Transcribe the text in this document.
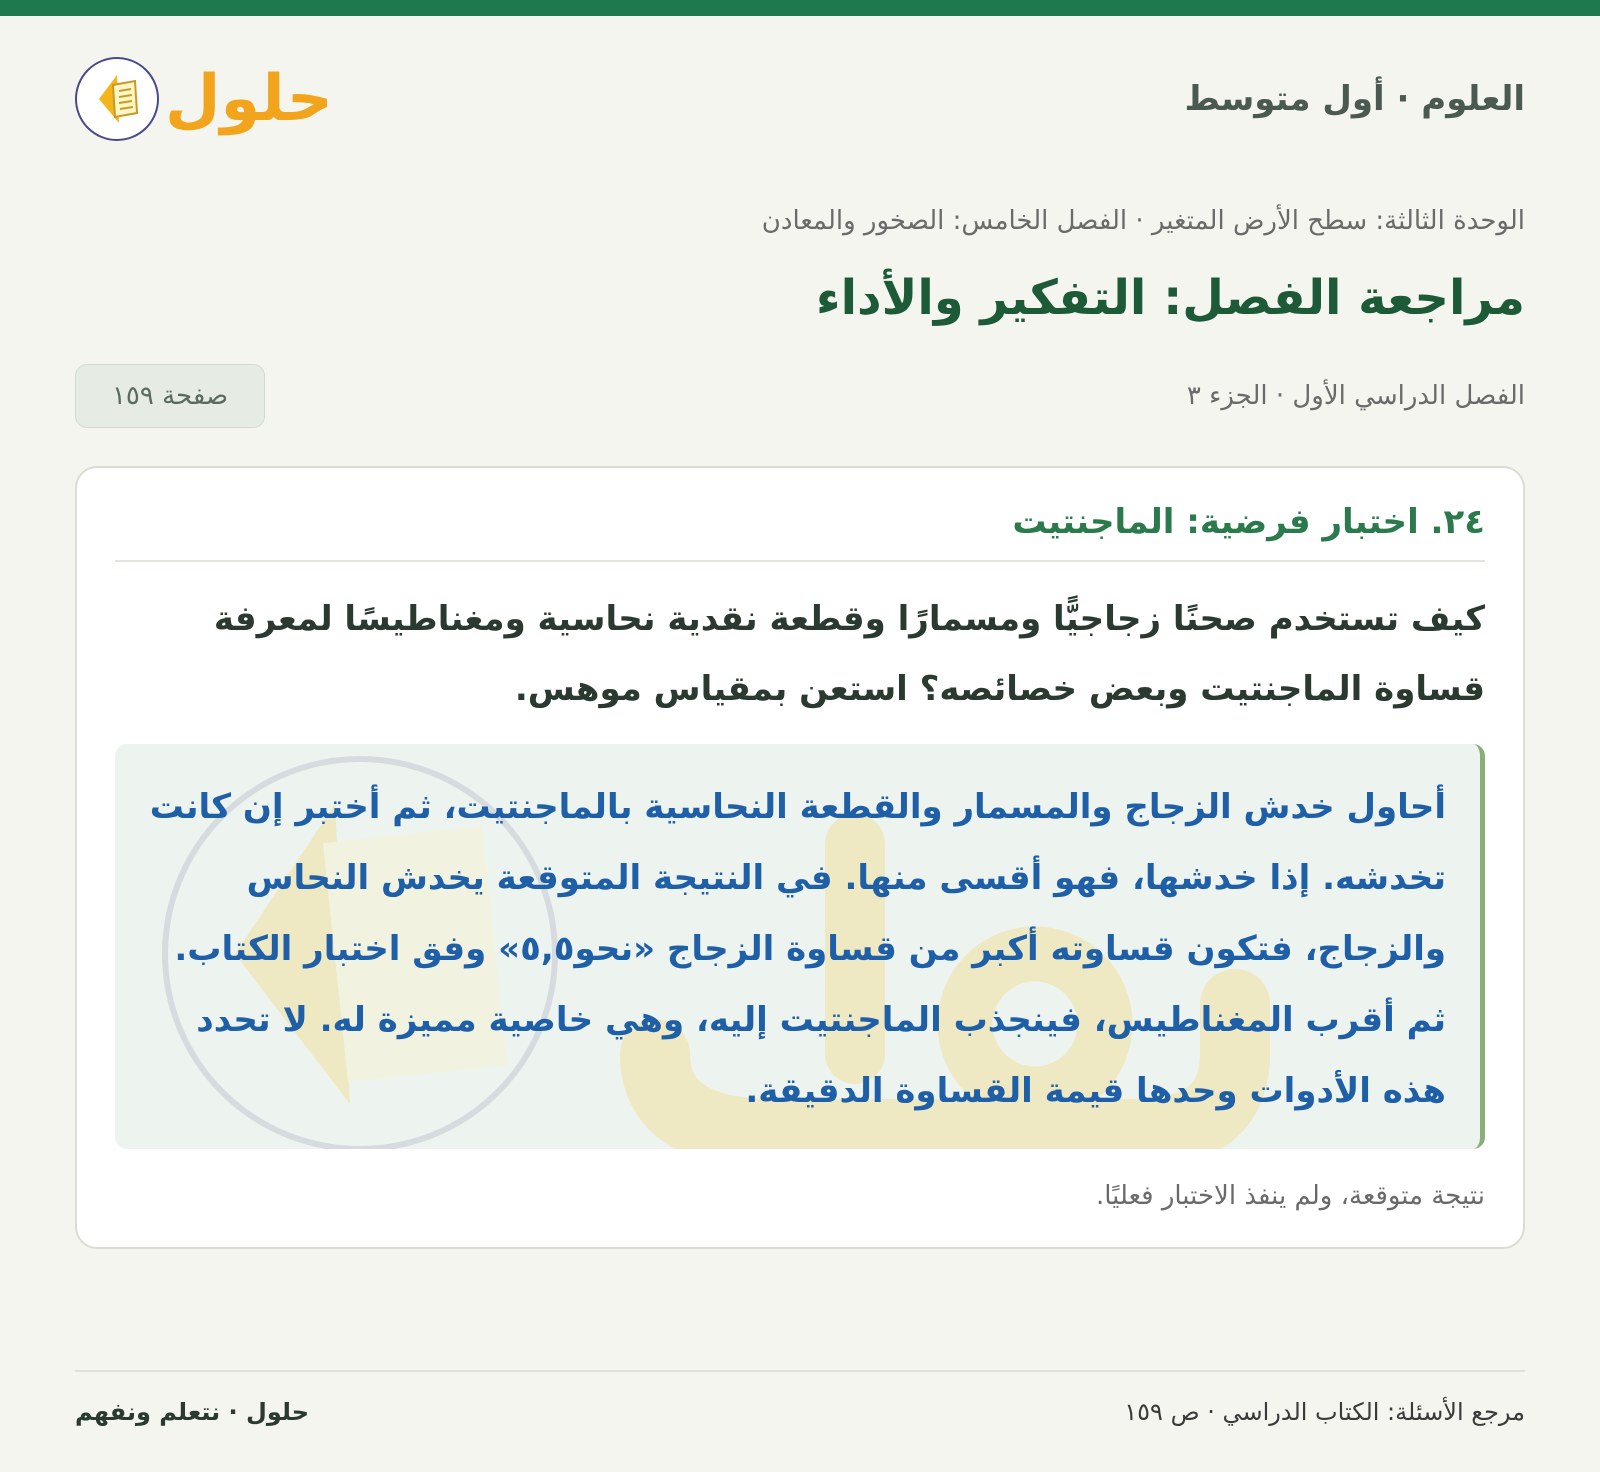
العلوم · أول متوسط
حلول
الوحدة الثالثة: سطح الأرض المتغير · الفصل الخامس: الصخور والمعادن
مراجعة الفصل: التفكير والأداء
الفصل الدراسي الأول · الجزء ٣
صفحة ١٥٩
٢٤. اختبار فرضية: الماجنتيت
كيف تستخدم صحنًا زجاجيًّا ومسمارًا وقطعة نقدية نحاسية ومغناطيسًا لمعرفة قساوة الماجنتيت وبعض خصائصه؟ استعن بمقياس موهس.
أحاول خدش الزجاج والمسمار والقطعة النحاسية بالماجنتيت، ثم أختبر إن كانت تخدشه. إذا خدشها، فهو أقسى منها. في النتيجة المتوقعة يخدش النحاس والزجاج، فتكون قساوته أكبر من قساوة الزجاج «نحو٥,٥» وفق اختبار الكتاب. ثم أقرب المغناطيس، فينجذب الماجنتيت إليه، وهي خاصية مميزة له. لا تحدد هذه الأدوات وحدها قيمة القساوة الدقيقة.
نتيجة متوقعة، ولم ينفذ الاختبار فعليًا.
مرجع الأسئلة: الكتاب الدراسي · ص ١٥٩
حلول · نتعلم ونفهم
